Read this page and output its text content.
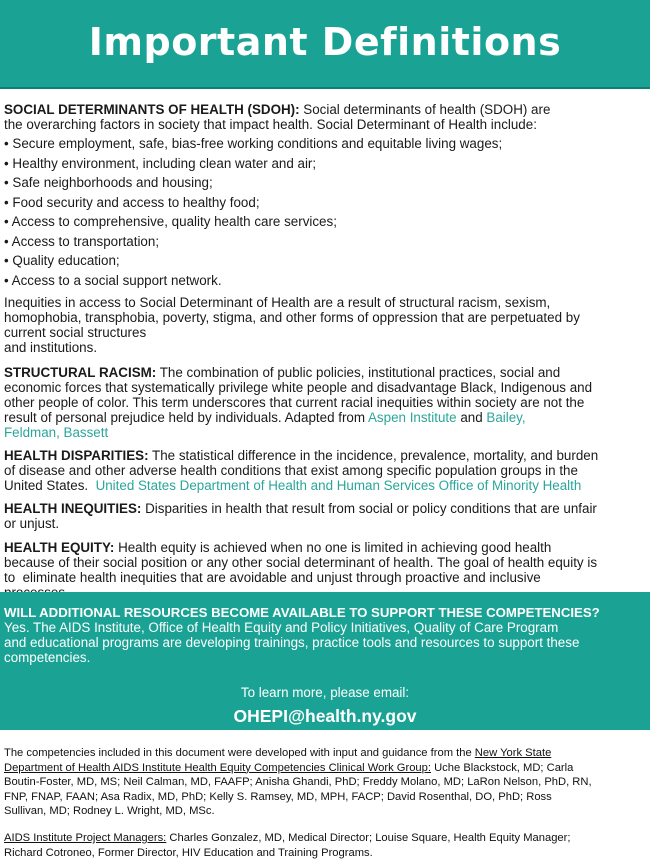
Important Definitions

SOCIAL DETERMINANTS OF HEALTH (SDOH): Social determinants of health (SDOH) are
the overarching factors in society that impact health. Social Determinant of Health include:

• Secure employment, safe, bias-free working conditions and equitable living wages;
• Healthy environment, including clean water and air;
• Safe neighborhoods and housing;
• Food security and access to healthy food;
• Access to comprehensive, quality health care services;
• Access to transportation;
• Quality education;
• Access to a social support network.

Inequities in access to Social Determinant of Health are a result of structural racism, sexism,
homophobia, transphobia, poverty, stigma, and other forms of oppression that are perpetuated by
current social structures
and institutions.

STRUCTURAL RACISM: The combination of public policies, institutional practices, social and
economic forces that systematically privilege white people and disadvantage Black, Indigenous and
other people of color. This term underscores that current racial inequities within society are not the
result of personal prejudice held by individuals. Adapted from Aspen Institute and Bailey,
Feldman, Bassett

HEALTH DISPARITIES: The statistical difference in the incidence, prevalence, mortality, and burden
of disease and other adverse health conditions that exist among specific population groups in the
United States.  United States Department of Health and Human Services Office of Minority Health

HEALTH INEQUITIES: Disparities in health that result from social or policy conditions that are unfair
or unjust.

HEALTH EQUITY: Health equity is achieved when no one is limited in achieving good health
because of their social position or any other social determinant of health. The goal of health equity is
to  eliminate health inequities that are avoidable and unjust through proactive and inclusive

WILL ADDITIONAL RESOURCES BECOME AVAILABLE TO SUPPORT THESE COMPETENCIES?
Yes. The AIDS Institute, Office of Health Equity and Policy Initiatives, Quality of Care Program
and educational programs are developing trainings, practice tools and resources to support these
competencies.
To learn more, please email:
OHEPI@health.ny.gov

The competencies included in this document were developed with input and guidance from the New York State
Department of Health AIDS Institute Health Equity Competencies Clinical Work Group: Uche Blackstock, MD; Carla
Boutin-Foster, MD, MS; Neil Calman, MD, FAAFP; Anisha Ghandi, PhD; Freddy Molano, MD; LaRon Nelson, PhD, RN,
FNP, FNAP, FAAN; Asa Radix, MD, PhD; Kelly S. Ramsey, MD, MPH, FACP; David Rosenthal, DO, PhD; Ross
Sullivan, MD; Rodney L. Wright, MD, MSc.

AIDS Institute Project Managers: Charles Gonzalez, MD, Medical Director; Louise Square, Health Equity Manager;
Richard Cotroneo, Former Director, HIV Education and Training Programs.
